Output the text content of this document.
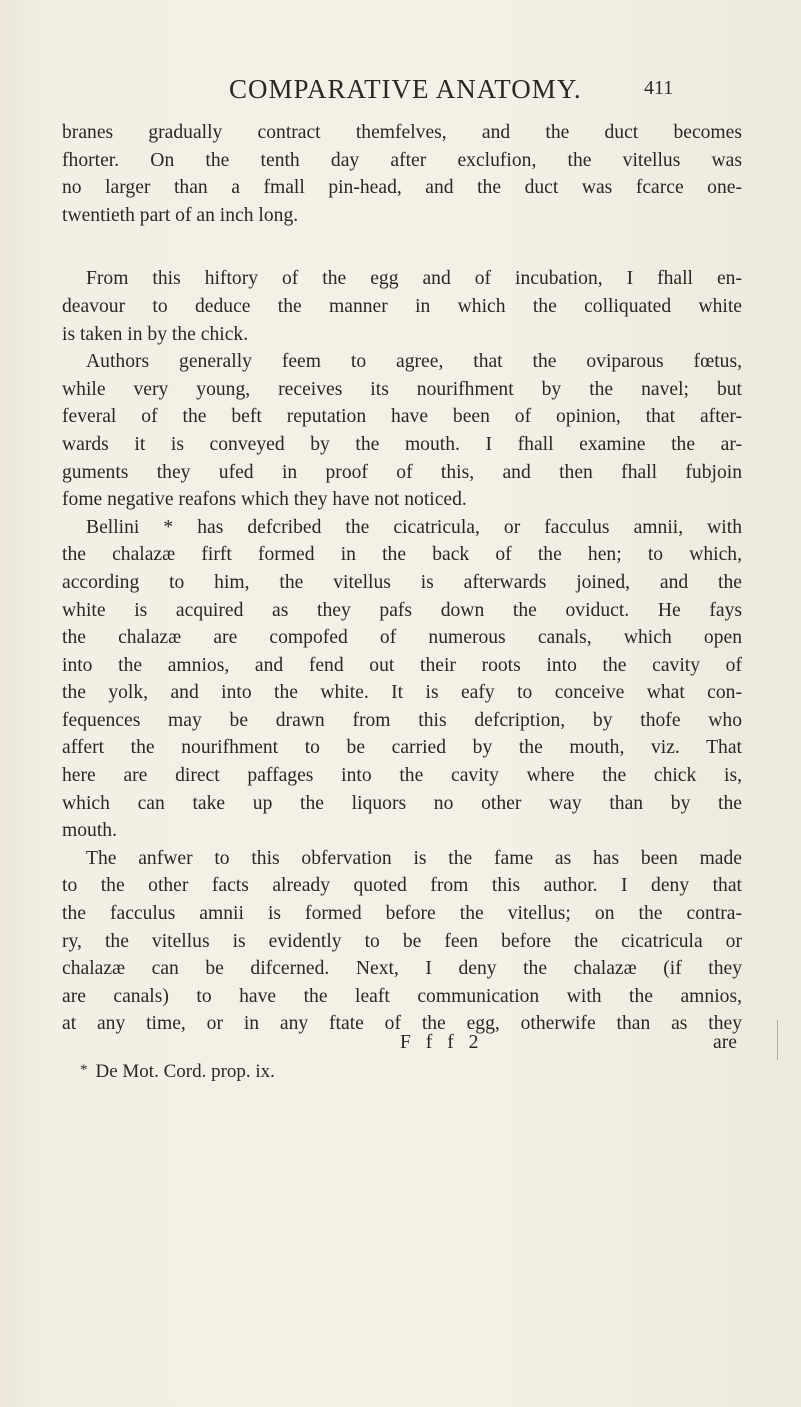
COMPARATIVE ANATOMY.	411
branes gradually contract themfelves, and the duct becomes
fhorter. On the tenth day after exclufion, the vitellus was
no larger than a fmall pin-head, and the duct was fcarce one-
twentieth part of an inch long.
From this hiftory of the egg and of incubation, I fhall en-
deavour to deduce the manner in which the colliquated white
is taken in by the chick.
Authors generally feem to agree, that the oviparous fœtus,
while very young, receives its nourifhment by the navel; but
feveral of the beft reputation have been of opinion, that after-
wards it is conveyed by the mouth. I fhall examine the ar-
guments they ufed in proof of this, and then fhall fubjoin
fome negative reafons which they have not noticed.
Bellini * has defcribed the cicatricula, or facculus amnii, with
the chalazæ firft formed in the back of the hen; to which,
according to him, the vitellus is afterwards joined, and the
white is acquired as they pafs down the oviduct. He fays
the chalazæ are compofed of numerous canals, which open
into the amnios, and fend out their roots into the cavity of
the yolk, and into the white. It is eafy to conceive what con-
fequences may be drawn from this defcription, by thofe who
affert the nourifhment to be carried by the mouth, viz. That
here are direct paffages into the cavity where the chick is,
which can take up the liquors no other way than by the
mouth.
The anfwer to this obfervation is the fame as has been made
to the other facts already quoted from this author. I deny that
the facculus amnii is formed before the vitellus; on the contra-
ry, the vitellus is evidently to be feen before the cicatricula or
chalazæ can be difcerned. Next, I deny the chalazæ (if they
are canals) to have the leaft communication with the amnios,
at any time, or in any ftate of the egg, otherwife than as they
F f f 2	are
* De Mot. Cord. prop. ix.
